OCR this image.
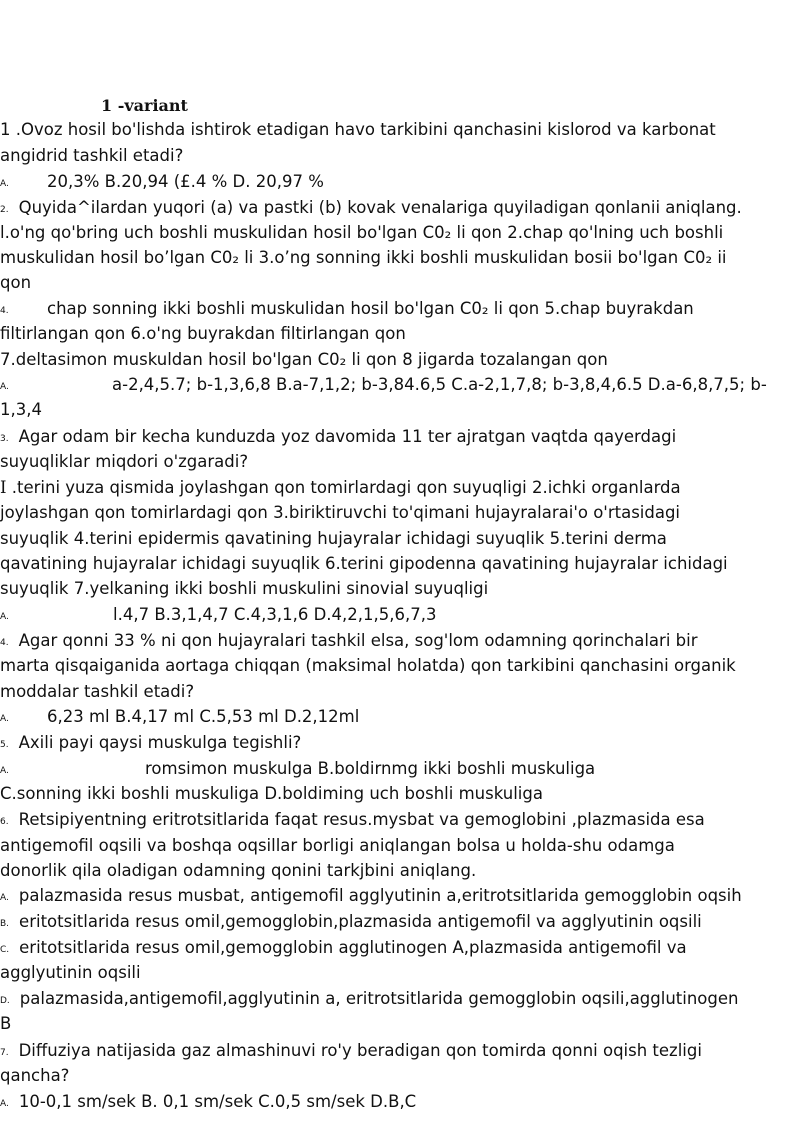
1 -variant
1 .Ovoz hosil bo'lishda ishtirok etadigan havo tarkibini qanchasini kislorod va karbonat
angidrid tashkil etadi?
A. 20,3% B.20,94 (£.4 % D. 20,97 %
2. Quyida^ilardan yuqori (a) va pastki (b) kovak venalariga quyiladigan qonlanii aniqlang.
l.o'ng qo'bring uch boshli muskulidan hosil bo'lgan C0₂ li qon 2.chap qo'lning uch boshli
muskulidan hosil bo’lgan C0₂ li 3.o’ng sonning ikki boshli muskulidan bosii bo'lgan C0₂ ii
qon
4. chap sonning ikki boshli muskulidan hosil bo'lgan C0₂ li qon 5.chap buyrakdan
filtirlangan qon 6.o'ng buyrakdan filtirlangan qon
7.deltasimon muskuldan hosil bo'lgan C0₂ li qon 8 jigarda tozalangan qon
A.	a-2,4,5.7; b-1,3,6,8 B.a-7,1,2; b-3,84.6,5 C.a-2,1,7,8; b-3,8,4,6.5 D.a-6,8,7,5; b-
1,3,4
3. Agar odam bir kecha kunduzda yoz davomida 11 ter ajratgan vaqtda qayerdagi
suyuqliklar miqdori o'zgaradi?
I .terini yuza qismida joylashgan qon tomirlardagi qon suyuqligi 2.ichki organlarda
joylashgan qon tomirlardagi qon 3.biriktiruvchi to'qimani hujayralarai'o o'rtasidagi
suyuqlik 4.terini epidermis qavatining hujayralar ichidagi suyuqlik 5.terini derma
qavatining hujayralar ichidagi suyuqlik 6.terini gipodenna qavatining hujayralar ichidagi
suyuqlik 7.yelkaning ikki boshli muskulini sinovial suyuqligi
A.	l.4,7 B.3,1,4,7 C.4,3,1,6 D.4,2,1,5,6,7,3
4. Agar qonni 33 % ni qon hujayralari tashkil elsa, sog'lom odamning qorinchalari bir
marta qisqaiganida aortaga chiqqan (maksimal holatda) qon tarkibini qanchasini organik
moddalar tashkil etadi?
A. 6,23 ml B.4,17 ml C.5,53 ml D.2,12ml
5. Axili payi qaysi muskulga tegishli?
A.	romsimon muskulga B.boldirnmg ikki boshli muskuliga
C.sonning ikki boshli muskuliga D.boldiming uch boshli muskuliga
6. Retsipiyentning eritrotsitlarida faqat resus.mysbat va gemoglobini ,plazmasida esa
antigemofil oqsili va boshqa oqsillar borligi aniqlangan bolsa u holda-shu odamga
donorlik qila oladigan odamning qonini tarkjbini aniqlang.
A. palazmasida resus musbat, antigemofil agglyutinin a,eritrotsitlarida gemogglobin oqsih
B. eritotsitlarida resus omil,gemogglobin,plazmasida antigemofil va agglyutinin oqsili
C. eritotsitlarida resus omil,gemogglobin agglutinogen A,plazmasida antigemofil va
agglyutinin oqsili
D. palazmasida,antigemofil,agglyutinin a, eritrotsitlarida gemogglobin oqsili,agglutinogen
B
7. Diffuziya natijasida gaz almashinuvi ro'y beradigan qon tomirda qonni oqish tezligi
qancha?
A. 10-0,1 sm/sek B. 0,1 sm/sek C.0,5 sm/sek D.B,C
